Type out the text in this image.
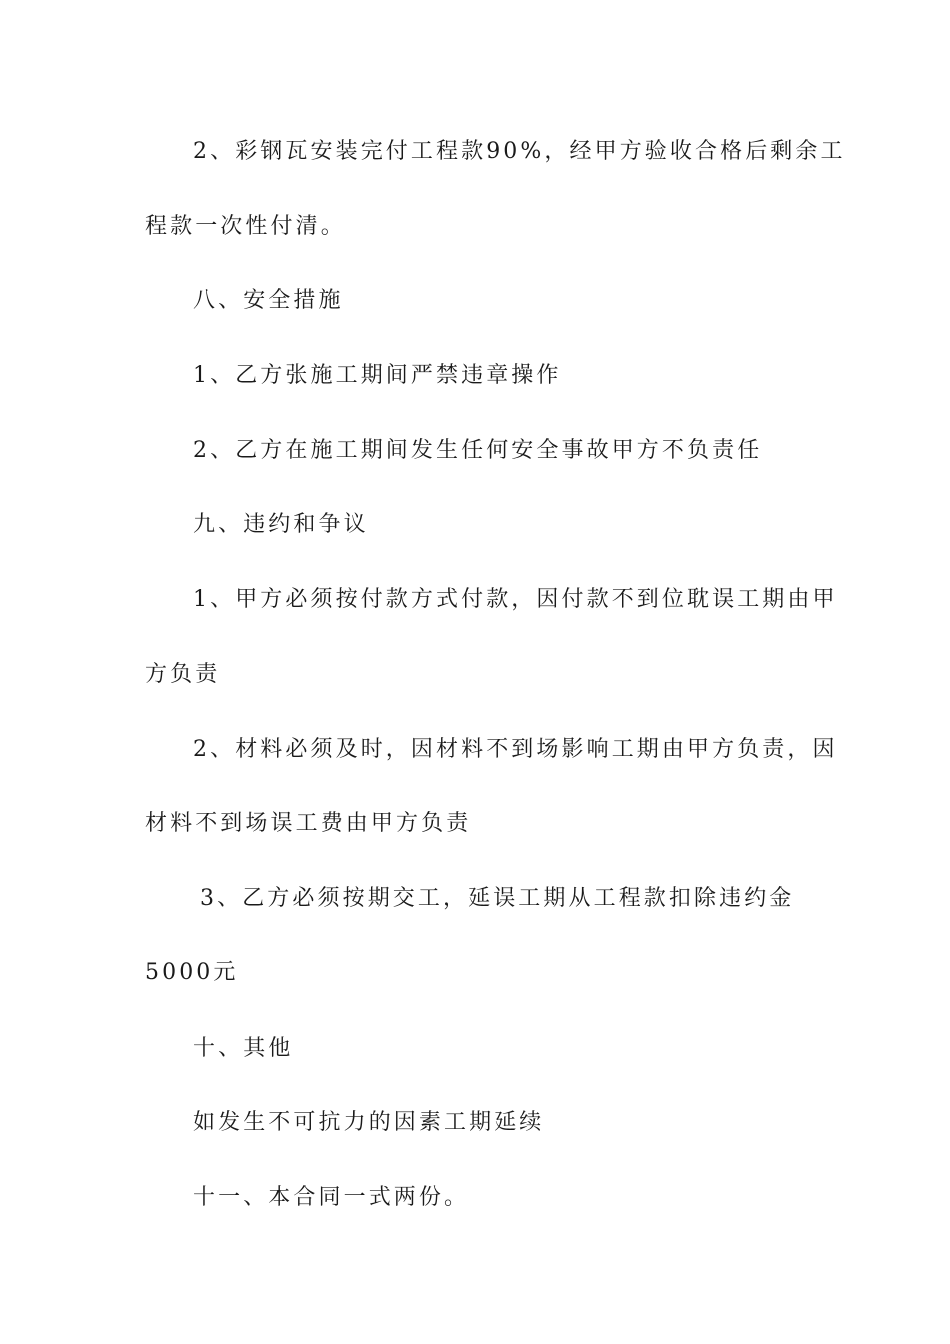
2、彩钢瓦安装完付工程款90%，经甲方验收合格后剩余工
程款一次性付清。
八、安全措施
1、乙方张施工期间严禁违章操作
2、乙方在施工期间发生任何安全事故甲方不负责任
九、违约和争议
1、甲方必须按付款方式付款，因付款不到位耽误工期由甲
方负责
2、材料必须及时，因材料不到场影响工期由甲方负责，因
材料不到场误工费由甲方负责
3、乙方必须按期交工，延误工期从工程款扣除违约金
5000元
十、其他
如发生不可抗力的因素工期延续
十一、本合同一式两份。
